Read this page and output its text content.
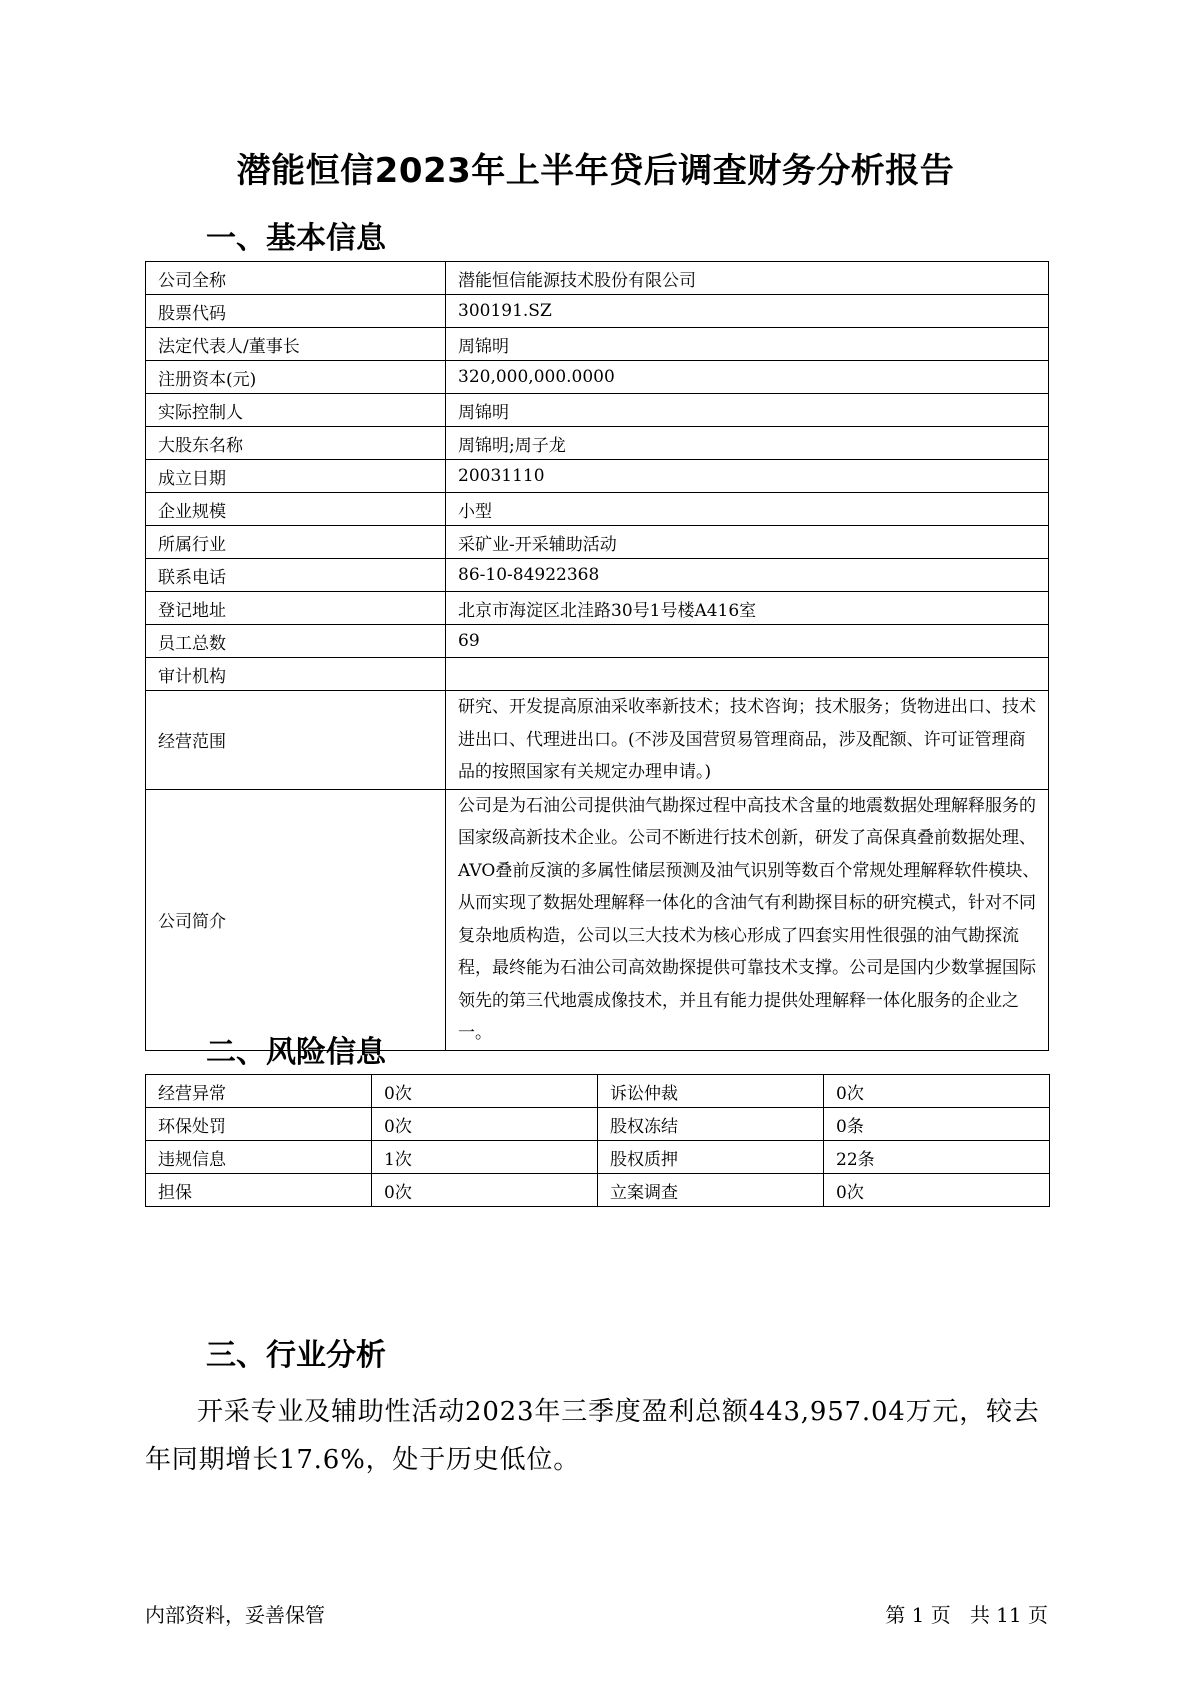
潜能恒信2023年上半年贷后调查财务分析报告
一、基本信息
公司全称	潜能恒信能源技术股份有限公司
股票代码	300191.SZ
法定代表人/董事长	周锦明
注册资本(元)	320,000,000.0000
实际控制人	周锦明
大股东名称	周锦明;周子龙
成立日期	20031110
企业规模	小型
所属行业	采矿业-开采辅助活动
联系电话	86-10-84922368
登记地址	北京市海淀区北洼路30号1号楼A416室
员工总数	69
审计机构	
经营范围	研究、开发提高原油采收率新技术；技术咨询；技术服务；货物进出口、技术进出口、代理进出口。(不涉及国营贸易管理商品，涉及配额、许可证管理商品的按照国家有关规定办理申请。)
公司简介	公司是为石油公司提供油气勘探过程中高技术含量的地震数据处理解释服务的国家级高新技术企业。公司不断进行技术创新，研发了高保真叠前数据处理、AVO叠前反演的多属性储层预测及油气识别等数百个常规处理解释软件模块、从而实现了数据处理解释一体化的含油气有利勘探目标的研究模式，针对不同复杂地质构造，公司以三大技术为核心形成了四套实用性很强的油气勘探流程，最终能为石油公司高效勘探提供可靠技术支撑。公司是国内少数掌握国际领先的第三代地震成像技术，并且有能力提供处理解释一体化服务的企业之一。
二、风险信息
经营异常	0次	诉讼仲裁	0次
环保处罚	0次	股权冻结	0条
违规信息	1次	股权质押	22条
担保	0次	立案调查	0次
三、行业分析

开采专业及辅助性活动2023年三季度盈利总额443,957.04万元，较去年同期增长17.6%，处于历史低位。

内部资料，妥善保管	第 1 页   共 11 页
